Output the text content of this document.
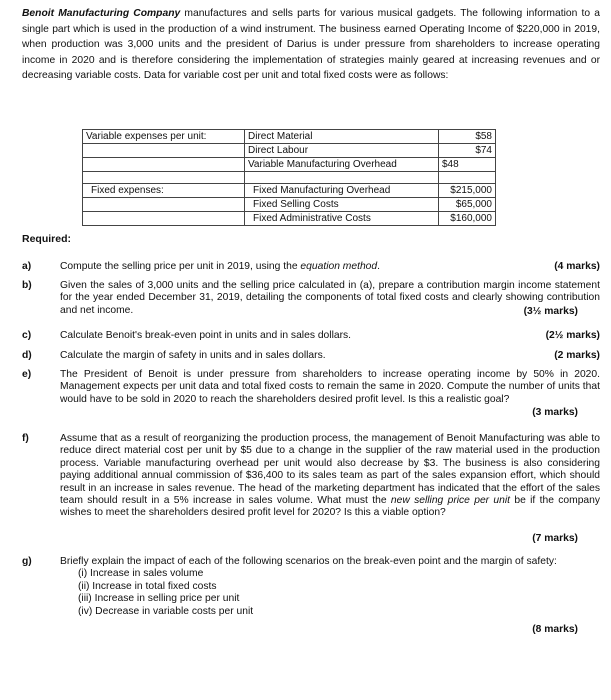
Benoit Manufacturing Company manufactures and sells parts for various musical gadgets. The following information to a single part which is used in the production of a wind instrument. The business earned Operating Income of $220,000 in 2019, when production was 3,000 units and the president of Darius is under pressure from shareholders to increase operating income in 2020 and is therefore considering the implementation of strategies mainly geared at increasing revenues and or decreasing variable costs. Data for variable cost per unit and total fixed costs were as follows:
Variable expenses per unit:	Direct Material	$58
	Direct Labour	$74
	Variable Manufacturing Overhead	$48

Fixed expenses:	Fixed Manufacturing Overhead	$215,000
	Fixed Selling Costs	$65,000
	Fixed Administrative Costs	$160,000
Required:
a)	(4 marks)
Compute the selling price per unit in 2019, using the equation method.
b)
(3½ marks)
Given the sales of 3,000 units and the selling price calculated in (a), prepare a contribution margin income statement for the year ended December 31, 2019, detailing the components of total fixed costs and clearly showing contribution and net income.
c)	(2½ marks)
Calculate Benoit's break-even point in units and in sales dollars.
d)	(2 marks)
Calculate the margin of safety in units and in sales dollars.
e)
(3 marks)
The President of Benoit is under pressure from shareholders to increase operating income by 50% in 2020. Management expects per unit data and total fixed costs to remain the same in 2020. Compute the number of units that would have to be sold in 2020 to reach the shareholders desired profit level. Is this a realistic goal?
f)
(7 marks)
Assume that as a result of reorganizing the production process, the management of Benoit Manufacturing was able to reduce direct material cost per unit by $5 due to a change in the supplier of the raw material used in the production process. Variable manufacturing overhead per unit would also decrease by $3. The business is also considering paying additional annual commission of $36,400 to its sales team as part of the sales expansion effort, which should result in an increase in sales revenue. The head of the marketing department has indicated that the effort of the sales team should result in a 5% increase in sales volume. What must the new selling price per unit be if the company wishes to meet the shareholders desired profit level for 2020? Is this a viable option?
g)	Briefly explain the impact of each of the following scenarios on the break-even point and the margin of safety:
(i) Increase in sales volume
(ii) Increase in total fixed costs
(iii) Increase in selling price per unit
(iv) Decrease in variable costs per unit
(8 marks)
